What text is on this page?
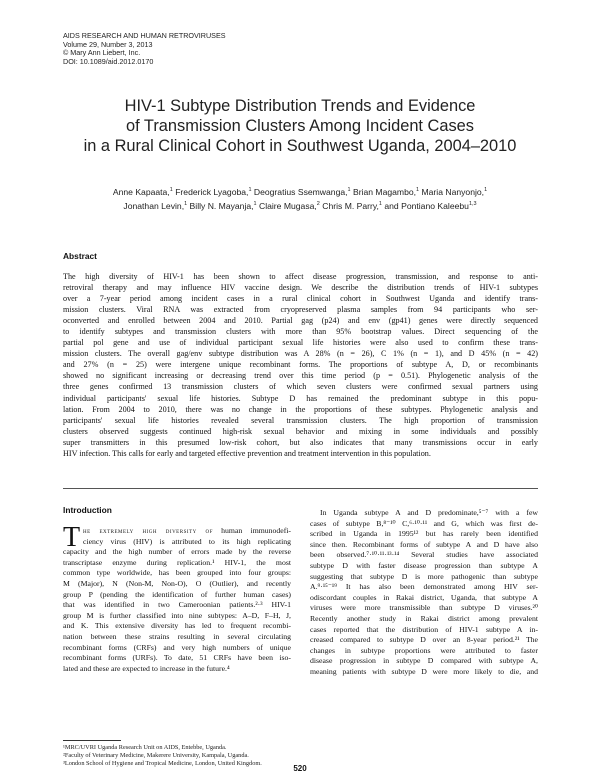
AIDS RESEARCH AND HUMAN RETROVIRUSES
Volume 29, Number 3, 2013
© Mary Ann Liebert, Inc.
DOI: 10.1089/aid.2012.0170
HIV-1 Subtype Distribution Trends and Evidence
of Transmission Clusters Among Incident Cases
in a Rural Clinical Cohort in Southwest Uganda, 2004–2010
Anne Kapaata,$^1$ Frederick Lyagoba,$^1$ Deogratius Ssemwanga,$^1$ Brian Magambo,$^1$ Maria Nanyonjo,$^1$
Jonathan Levin,$^1$ Billy N. Mayanja,$^1$ Claire Mugasa,$^2$ Chris M. Parry,$^1$ and Pontiano Kaleebu$^{1,3}$
Abstract
The high diversity of HIV-1 has been shown to affect disease progression, transmission, and response to anti-
retroviral therapy and may influence HIV vaccine design. We describe the distribution trends of HIV-1 subtypes
over a 7-year period among incident cases in a rural clinical cohort in Southwest Uganda and identify trans-
mission clusters. Viral RNA was extracted from cryopreserved plasma samples from 94 participants who ser-
oconverted and enrolled between 2004 and 2010. Partial gag (p24) and env (gp41) genes were directly sequenced
to identify subtypes and transmission clusters with more than 95% bootstrap values. Direct sequencing of the
partial pol gene and use of individual participant sexual life histories were also used to confirm these trans-
mission clusters. The overall gag/env subtype distribution was A 28% (n = 26), C 1% (n = 1), and D 45% (n = 42)
and 27% (n = 25) were intergene unique recombinant forms. The proportions of subtype A, D, or recombinants
showed no significant increasing or decreasing trend over this time period (p = 0.51). Phylogenetic analysis of the
three genes confirmed 13 transmission clusters of which seven clusters were confirmed sexual partners using
individual participants' sexual life histories. Subtype D has remained the predominant subtype in this popu-
lation. From 2004 to 2010, there was no change in the proportions of these subtypes. Phylogenetic analysis and
participants' sexual life histories revealed several transmission clusters. The high proportion of transmission
clusters observed suggests continued high-risk sexual behavior and mixing in some individuals and possibly
super transmitters in this presumed low-risk cohort, but also indicates that many transmissions occur in early
HIV infection. This calls for early and targeted effective prevention and treatment intervention in this population.
Introduction
T he extremely high diversity of human immunodefi-
ciency virus (HIV) is attributed to its high replicating
capacity and the high number of errors made by the reverse
transcriptase enzyme during replication.¹ HIV-1, the most
common type worldwide, has been grouped into four groups:
M (Major), N (Non-M, Non-O), O (Outlier), and recently
group P (pending the identification of further human cases)
that was identified in two Cameroonian patients.²·³ HIV-1
group M is further classified into nine subtypes: A–D, F–H, J,
and K. This extensive diversity has led to frequent recombi-
nation between these strains resulting in several circulating
recombinant forms (CRFs) and very high numbers of unique
recombinant forms (URFs). To date, 51 CRFs have been iso-
lated and these are expected to increase in the future.⁴
In Uganda subtype A and D predominate,⁵⁻⁷ with a few
cases of subtype B,⁸⁻¹⁰ C,⁶·¹⁰·¹¹ and G, which was first de-
scribed in Uganda in 1995¹² but has rarely been identified
since then. Recombinant forms of subtype A and D have also
been observed.⁷·¹⁰·¹¹·¹³·¹⁴ Several studies have associated
subtype D with faster disease progression than subtype A
suggesting that subtype D is more pathogenic than subtype
A.⁹·¹⁵⁻¹⁹ It has also been demonstrated among HIV ser-
odiscordant couples in Rakai district, Uganda, that subtype A
viruses were more transmissible than subtype D viruses.²⁰
Recently another study in Rakai district among prevalent
cases reported that the distribution of HIV-1 subtype A in-
creased compared to subtype D over an 8-year period.²¹ The
changes in subtype proportions were attributed to faster
disease progression in subtype D compared with subtype A,
meaning patients with subtype D were more likely to die, and
¹MRC/UVRI Uganda Research Unit on AIDS, Entebbe, Uganda.
²Faculty of Veterinary Medicine, Makerere University, Kampala, Uganda.
³London School of Hygiene and Tropical Medicine, London, United Kingdom.
520
